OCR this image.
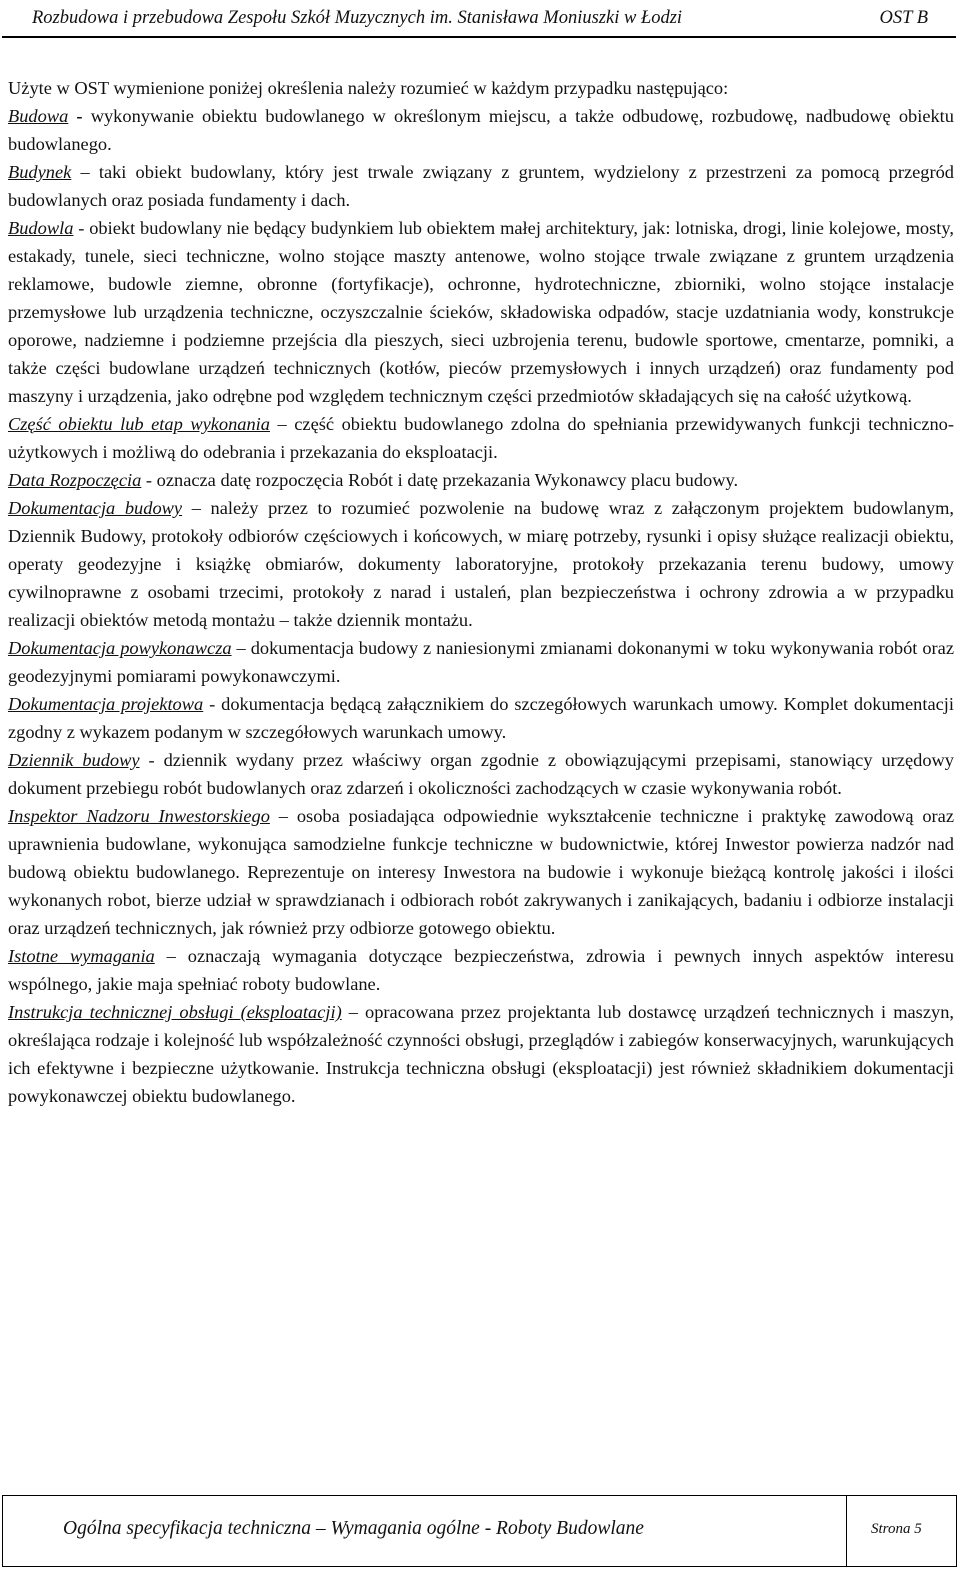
Rozbudowa i przebudowa Zespołu Szkół Muzycznych im. Stanisława Moniuszki w Łodzi	OST B

Użyte w OST wymienione poniżej określenia należy rozumieć w każdym przypadku następująco:

Budowa - wykonywanie obiektu budowlanego w określonym miejscu, a także odbudowę, rozbudowę, nadbudowę obiektu budowlanego.

Budynek – taki obiekt budowlany, który jest trwale związany z gruntem, wydzielony z przestrzeni za pomocą przegród budowlanych oraz posiada fundamenty i dach.

Budowla - obiekt budowlany nie będący budynkiem lub obiektem małej architektury, jak: lotniska, drogi, linie kolejowe, mosty, estakady, tunele, sieci techniczne, wolno stojące maszty antenowe, wolno stojące trwale związane z gruntem urządzenia reklamowe, budowle ziemne, obronne (fortyfikacje), ochronne, hydrotechniczne, zbiorniki, wolno stojące instalacje przemysłowe lub urządzenia techniczne, oczyszczalnie ścieków, składowiska odpadów, stacje uzdatniania wody, konstrukcje oporowe, nadziemne i podziemne przejścia dla pieszych, sieci uzbrojenia terenu, budowle sportowe, cmentarze, pomniki, a także części budowlane urządzeń technicznych (kotłów, pieców przemysłowych i innych urządzeń) oraz fundamenty pod maszyny i urządzenia, jako odrębne pod względem technicznym części przedmiotów składających się na całość użytkową.

Część obiektu lub etap wykonania – część obiektu budowlanego zdolna do spełniania przewidywanych funkcji techniczno-użytkowych i możliwą do odebrania i przekazania do eksploatacji.

Data Rozpoczęcia - oznacza datę rozpoczęcia Robót i datę przekazania Wykonawcy placu budowy.

Dokumentacja budowy – należy przez to rozumieć pozwolenie na budowę wraz z załączonym projektem budowlanym, Dziennik Budowy, protokoły odbiorów częściowych i końcowych, w miarę potrzeby, rysunki i opisy służące realizacji obiektu, operaty geodezyjne i książkę obmiarów, dokumenty laboratoryjne, protokoły przekazania terenu budowy, umowy cywilnoprawne z osobami trzecimi, protokoły z narad i ustaleń, plan bezpieczeństwa i ochrony zdrowia a w przypadku realizacji obiektów metodą montażu – także dziennik montażu.

Dokumentacja powykonawcza – dokumentacja budowy z naniesionymi zmianami dokonanymi w toku wykonywania robót oraz geodezyjnymi pomiarami powykonawczymi.

Dokumentacja projektowa - dokumentacja będącą załącznikiem do szczegółowych warunkach umowy. Komplet dokumentacji zgodny z wykazem podanym w szczegółowych warunkach umowy.

Dziennik budowy - dziennik wydany przez właściwy organ zgodnie z obowiązującymi przepisami, stanowiący urzędowy dokument przebiegu robót budowlanych oraz zdarzeń i okoliczności zachodzących w czasie wykonywania robót.

Inspektor Nadzoru Inwestorskiego – osoba posiadająca odpowiednie wykształcenie techniczne i praktykę zawodową oraz uprawnienia budowlane, wykonująca samodzielne funkcje techniczne w budownictwie, której Inwestor powierza nadzór nad budową obiektu budowlanego. Reprezentuje on interesy Inwestora na budowie i wykonuje bieżącą kontrolę jakości i ilości wykonanych robot, bierze udział w sprawdzianach i odbiorach robót zakrywanych i zanikających, badaniu i odbiorze instalacji oraz urządzeń technicznych, jak również przy odbiorze gotowego obiektu.

Istotne wymagania – oznaczają wymagania dotyczące bezpieczeństwa, zdrowia i pewnych innych aspektów interesu wspólnego, jakie maja spełniać roboty budowlane.

Instrukcja technicznej obsługi (eksploatacji) – opracowana przez projektanta lub dostawcę urządzeń technicznych i maszyn, określająca rodzaje i kolejność lub współzależność czynności obsługi, przeglądów i zabiegów konserwacyjnych, warunkujących ich efektywne i bezpieczne użytkowanie. Instrukcja techniczna obsługi (eksploatacji) jest również składnikiem dokumentacji powykonawczej obiektu budowlanego.

Ogólna specyfikacja techniczna – Wymagania ogólne - Roboty Budowlane	Strona 5
